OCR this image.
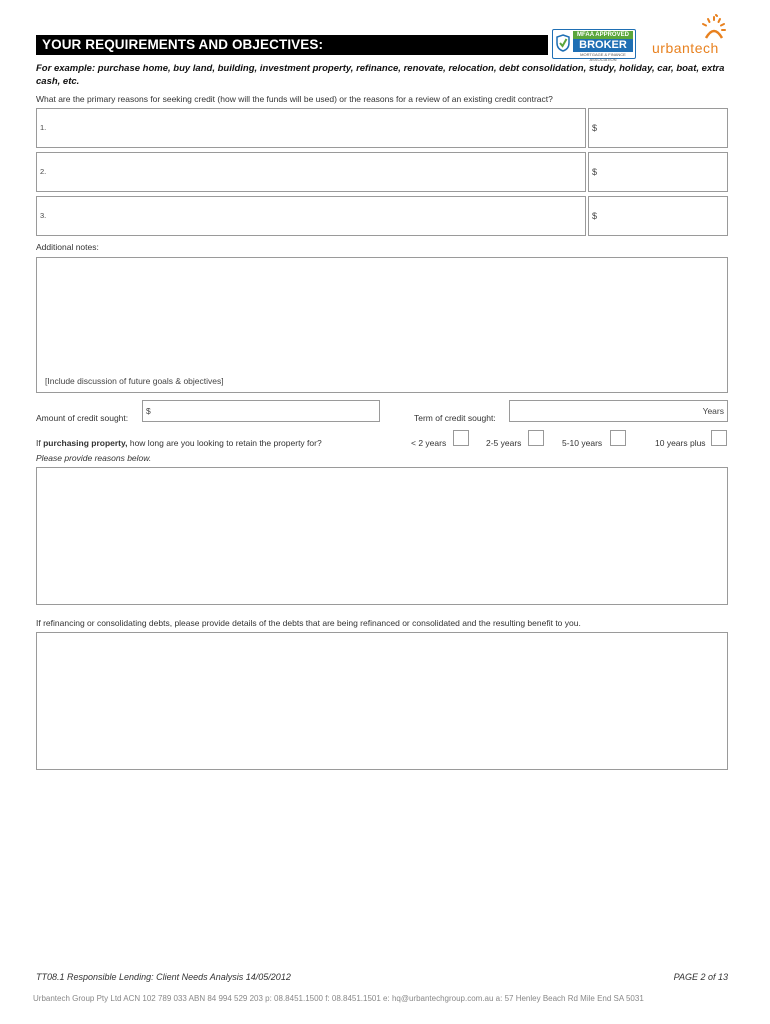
YOUR REQUIREMENTS AND OBJECTIVES:
MFAA APPROVED
BROKER
MORTGAGE & FINANCE ASSOCIATION
urbantech
For example: purchase home, buy land, building, investment property, refinance, renovate, relocation, debt consolidation, study, holiday, car, boat, extra cash, etc.
What are the primary reasons for seeking credit (how will the funds will be used) or the reasons for a review of an existing credit contract?
1.	$
2.	$
3.	$
Additional notes:
[Include discussion of future goals & objectives]
Amount of credit sought:
$
Term of credit sought:
Years
If purchasing property, how long are you looking to retain the property for?	< 2 years	2-5 years	5-10 years	10 years plus
Please provide reasons below.
If refinancing or consolidating debts, please provide details of the debts that are being refinanced or consolidated and the resulting benefit to you.
TT08.1 Responsible Lending: Client Needs Analysis 14/05/2012	PAGE 2 of 13
Urbantech Group Pty Ltd ACN 102 789 033 ABN 84 994 529 203 p: 08.8451.1500 f: 08.8451.1501 e: hq@urbantechgroup.com.au a: 57 Henley Beach Rd Mile End SA 5031
